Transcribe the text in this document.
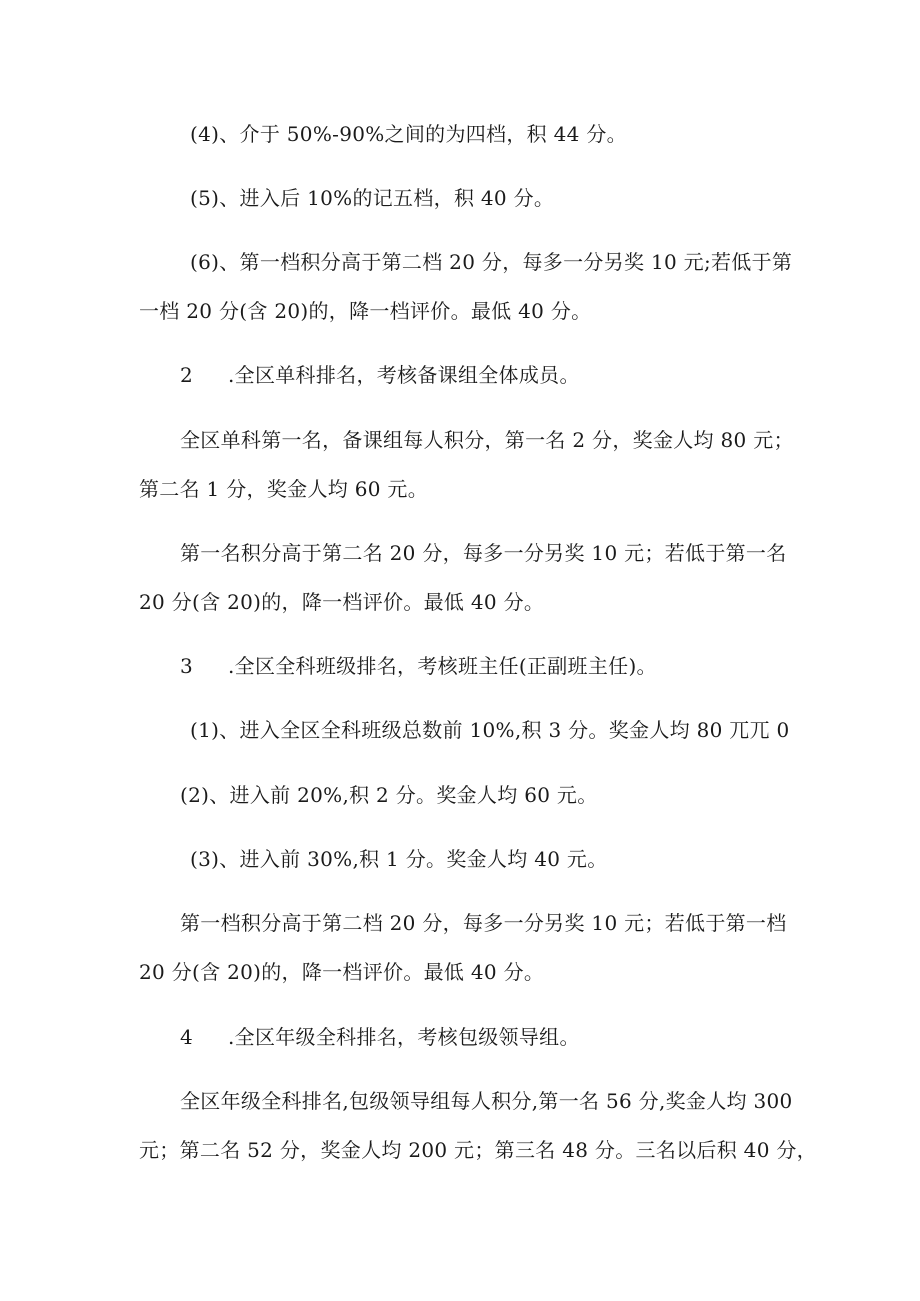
(4)、介于 50%-90%之间的为四档，积 44 分。
(5)、进入后 10%的记五档，积 40 分。
(6)、第一档积分高于第二档 20 分，每多一分另奖 10 元;若低于第
一档 20 分(含 20)的，降一档评价。最低 40 分。
2 .全区单科排名，考核备课组全体成员。
全区单科第一名，备课组每人积分，第一名 2 分，奖金人均 80 元；
第二名 1 分，奖金人均 60 元。
第一名积分高于第二名 20 分，每多一分另奖 10 元；若低于第一名
20 分(含 20)的，降一档评价。最低 40 分。
3 .全区全科班级排名，考核班主任(正副班主任)。
(1)、进入全区全科班级总数前 10%,积 3 分。奖金人均 80 兀兀 0
(2)、进入前 20%,积 2 分。奖金人均 60 元。
(3)、进入前 30%,积 1 分。奖金人均 40 元。
第一档积分高于第二档 20 分，每多一分另奖 10 元；若低于第一档
20 分(含 20)的，降一档评价。最低 40 分。
4 .全区年级全科排名，考核包级领导组。
全区年级全科排名,包级领导组每人积分,第一名 56 分,奖金人均 300
元；第二名 52 分，奖金人均 200 元；第三名 48 分。三名以后积 40 分，
